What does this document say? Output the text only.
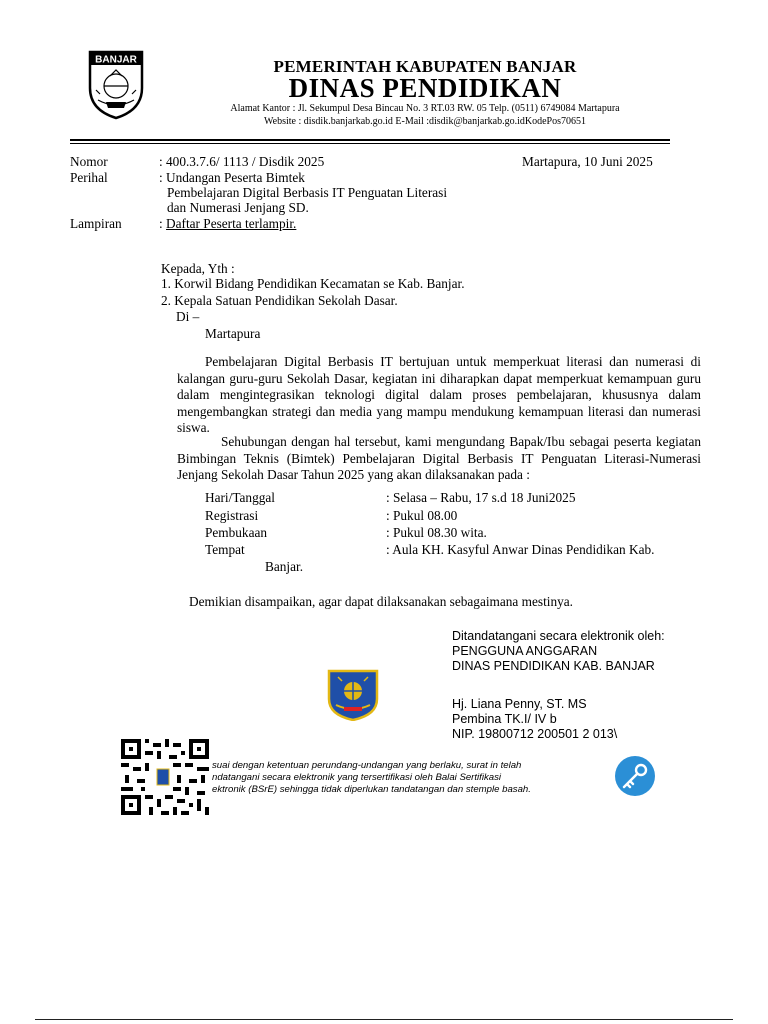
BANJAR	PEMERINTAH KABUPATEN BANJAR
DINAS PENDIDIKAN
Alamat Kantor : Jl. Sekumpul Desa Bincau No. 3 RT.03 RW. 05 Telp. (0511) 6749084 Martapura
Website : disdik.banjarkab.go.id E-Mail :disdik@banjarkab.go.idKodePos70651
Nomor	: 400.3.7.6/ 1113 / Disdik 2025	Martapura, 10 Juni 2025
Perihal	: Undangan Peserta Bimtek
Pembelajaran Digital Berbasis IT Penguatan Literasi
dan Numerasi Jenjang SD.
Lampiran	: Daftar Peserta terlampir.
Kepada, Yth :
1. Korwil Bidang Pendidikan Kecamatan se Kab. Banjar.
2. Kepala Satuan Pendidikan Sekolah Dasar.
Di –
Martapura
Pembelajaran Digital Berbasis IT bertujuan untuk memperkuat literasi dan numerasi di kalangan guru-guru Sekolah Dasar, kegiatan ini diharapkan dapat memperkuat kemampuan guru dalam mengintegrasikan teknologi digital dalam proses pembelajaran, khususnya dalam mengembangkan strategi dan media yang mampu mendukung kemampuan literasi dan numerasi siswa.
Sehubungan dengan hal tersebut, kami mengundang Bapak/Ibu sebagai peserta kegiatan Bimbingan Teknis (Bimtek) Pembelajaran Digital Berbasis IT Penguatan Literasi-Numerasi Jenjang Sekolah Dasar Tahun 2025 yang akan dilaksanakan pada :
Hari/Tanggal	: Selasa – Rabu, 17 s.d 18 Juni2025
Registrasi	: Pukul 08.00
Pembukaan	: Pukul 08.30 wita.
Tempat	: Aula KH. Kasyful Anwar Dinas Pendidikan Kab.
Banjar.
Demikian disampaikan, agar dapat dilaksanakan sebagaimana mestinya.
Ditandatangani secara elektronik oleh:
PENGGUNA ANGGARAN
DINAS PENDIDIKAN KAB. BANJAR
Hj. Liana Penny, ST. MS
Pembina TK.I/ IV b
NIP. 19800712 200501 2 013\
suai dengan ketentuan perundang-undangan yang berlaku, surat in telah
ndatangani secara elektronik yang tersertifikasi oleh Balai Sertifikasi
ektronik (BSrE) sehingga tidak diperlukan tandatangan dan stemple basah.
